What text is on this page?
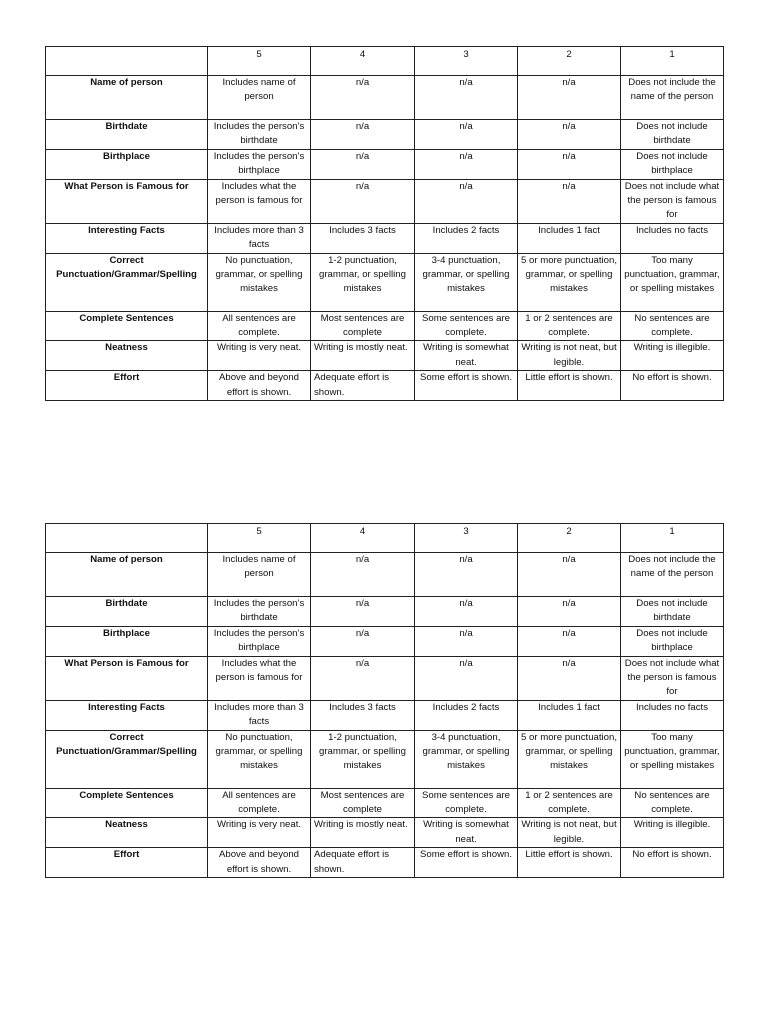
	5	4	3	2	1
Name of person	Includes name of person	n/a	n/a	n/a	Does not include the name of the person
Birthdate	Includes the person’s birthdate	n/a	n/a	n/a	Does not include birthdate
Birthplace	Includes the person’s birthplace	n/a	n/a	n/a	Does not include birthplace
What Person is Famous for	Includes what the person is famous for	n/a	n/a	n/a	Does not include what the person is famous for
Interesting Facts	Includes more than 3 facts	Includes 3 facts	Includes 2 facts	Includes 1 fact	Includes no facts
Correct Punctuation/Grammar/Spelling	No punctuation, grammar, or spelling mistakes	1-2 punctuation, grammar, or spelling mistakes	3-4 punctuation, grammar, or spelling mistakes	5 or more punctuation, grammar, or spelling mistakes	Too many punctuation, grammar, or spelling mistakes
Complete Sentences	All sentences are complete.	Most sentences are complete	Some sentences are complete.	1 or 2 sentences are complete.	No sentences are complete.
Neatness	Writing is very neat.	Writing is mostly neat.	Writing is somewhat neat.	Writing is not neat, but legible.	Writing is illegible.
Effort	Above and beyond effort is shown.	Adequate effort is shown.	Some effort is shown.	Little effort is shown.	No effort is shown.
	5	4	3	2	1
Name of person	Includes name of person	n/a	n/a	n/a	Does not include the name of the person
Birthdate	Includes the person’s birthdate	n/a	n/a	n/a	Does not include birthdate
Birthplace	Includes the person’s birthplace	n/a	n/a	n/a	Does not include birthplace
What Person is Famous for	Includes what the person is famous for	n/a	n/a	n/a	Does not include what the person is famous for
Interesting Facts	Includes more than 3 facts	Includes 3 facts	Includes 2 facts	Includes 1 fact	Includes no facts
Correct Punctuation/Grammar/Spelling	No punctuation, grammar, or spelling mistakes	1-2 punctuation, grammar, or spelling mistakes	3-4 punctuation, grammar, or spelling mistakes	5 or more punctuation, grammar, or spelling mistakes	Too many punctuation, grammar, or spelling mistakes
Complete Sentences	All sentences are complete.	Most sentences are complete	Some sentences are complete.	1 or 2 sentences are complete.	No sentences are complete.
Neatness	Writing is very neat.	Writing is mostly neat.	Writing is somewhat neat.	Writing is not neat, but legible.	Writing is illegible.
Effort	Above and beyond effort is shown.	Adequate effort is shown.	Some effort is shown.	Little effort is shown.	No effort is shown.
